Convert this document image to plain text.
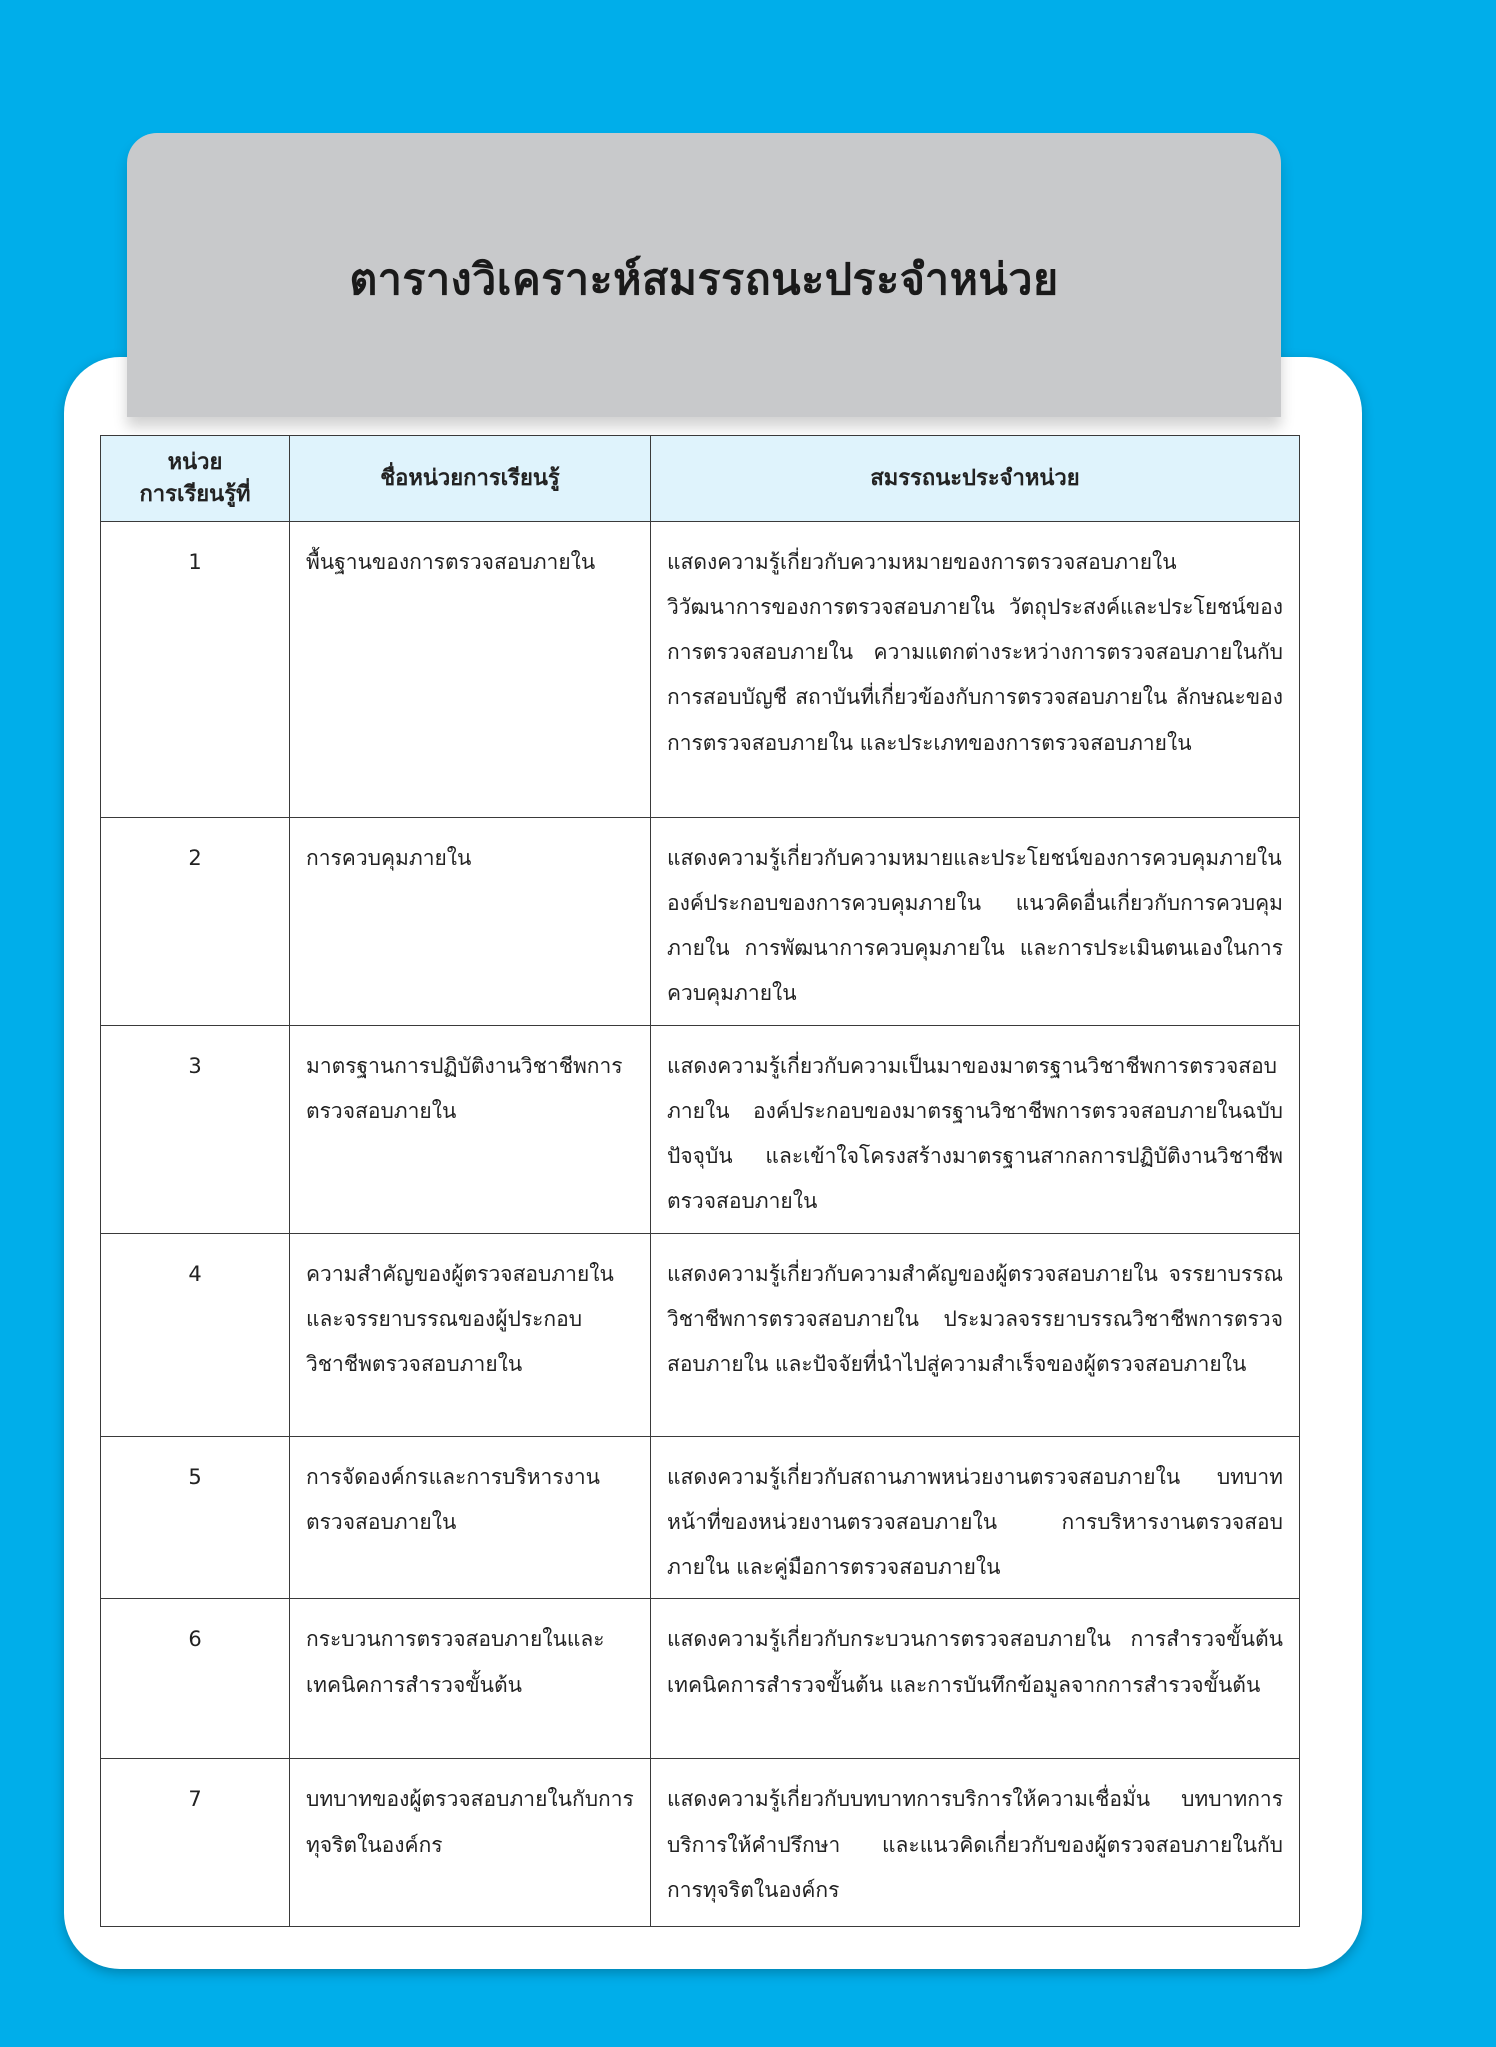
ตารางวิเคราะห์สมรรถนะประจำหน่วย
หน่วย
การเรียนรู้ที่	ชื่อหน่วยการเรียนรู้	สมรรถนะประจำหน่วย
1	พื้นฐานของการตรวจสอบภายใน	แสดงความรู้เกี่ยวกับความหมายของการตรวจสอบภายใน วิวัฒนาการของการตรวจสอบภายใน วัตถุประสงค์และประโยชน์ของการตรวจสอบภายใน ความแตกต่างระหว่างการตรวจสอบภายในกับการสอบบัญชี สถาบันที่เกี่ยวข้องกับการตรวจสอบภายใน ลักษณะของการตรวจสอบภายใน และประเภทของการตรวจสอบภายใน
2	การควบคุมภายใน	แสดงความรู้เกี่ยวกับความหมายและประโยชน์ของการควบคุมภายใน องค์ประกอบของการควบคุมภายใน แนวคิดอื่นเกี่ยวกับการควบคุมภายใน การพัฒนาการควบคุมภายใน และการประเมินตนเองในการควบคุมภายใน
3	มาตรฐานการปฏิบัติงานวิชาชีพการตรวจสอบภายใน	แสดงความรู้เกี่ยวกับความเป็นมาของมาตรฐานวิชาชีพการตรวจสอบภายใน องค์ประกอบของมาตรฐานวิชาชีพการตรวจสอบภายในฉบับปัจจุบัน และเข้าใจโครงสร้างมาตรฐานสากลการปฏิบัติงานวิชาชีพตรวจสอบภายใน
4	ความสำคัญของผู้ตรวจสอบภายในและจรรยาบรรณของผู้ประกอบวิชาชีพตรวจสอบภายใน	แสดงความรู้เกี่ยวกับความสำคัญของผู้ตรวจสอบภายใน จรรยาบรรณวิชาชีพการตรวจสอบภายใน ประมวลจรรยาบรรณวิชาชีพการตรวจสอบภายใน และปัจจัยที่นำไปสู่ความสำเร็จของผู้ตรวจสอบภายใน
5	การจัดองค์กรและการบริหารงานตรวจสอบภายใน	แสดงความรู้เกี่ยวกับสถานภาพหน่วยงานตรวจสอบภายใน บทบาทหน้าที่ของหน่วยงานตรวจสอบภายใน การบริหารงานตรวจสอบภายใน และคู่มือการตรวจสอบภายใน
6	กระบวนการตรวจสอบภายในและเทคนิคการสำรวจขั้นต้น	แสดงความรู้เกี่ยวกับกระบวนการตรวจสอบภายใน การสำรวจขั้นต้น เทคนิคการสำรวจขั้นต้น และการบันทึกข้อมูลจากการสำรวจขั้นต้น
7	บทบาทของผู้ตรวจสอบภายในกับการทุจริตในองค์กร	แสดงความรู้เกี่ยวกับบทบาทการบริการให้ความเชื่อมั่น บทบาทการบริการให้คำปรึกษา และแนวคิดเกี่ยวกับของผู้ตรวจสอบภายในกับการทุจริตในองค์กร
